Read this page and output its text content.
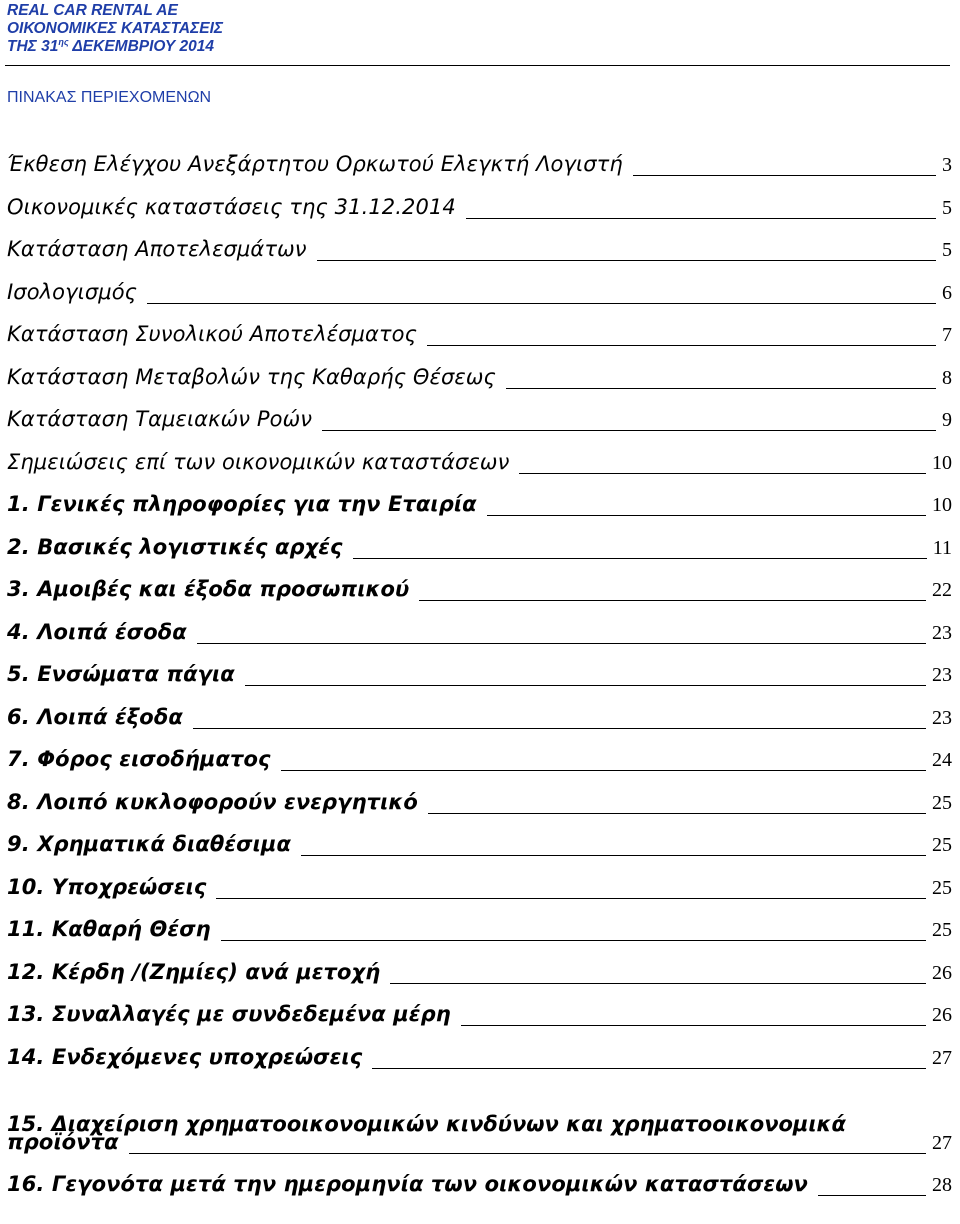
REAL CAR RENTAL AE
ΟΙΚΟΝΟΜΙΚΕΣ ΚΑΤΑΣΤΑΣΕΙΣ
ΤΗΣ $31^{\eta\varsigma}$ ΔΕΚΕΜΒΡΙΟΥ 2014
ΠΙΝΑΚΑΣ ΠΕΡΙΕΧΟΜΕΝΩΝ
Έκθεση Ελέγχου Ανεξάρτητου Ορκωτού Ελεγκτή Λογιστή	3
Οικονομικές καταστάσεις της 31.12.2014	5
Κατάσταση Αποτελεσμάτων	5
Ισολογισμός	6
Κατάσταση Συνολικού Αποτελέσματος	7
Κατάσταση Μεταβολών της Καθαρής Θέσεως	8
Κατάσταση Ταμειακών Ροών	9
Σημειώσεις επί των οικονομικών καταστάσεων	10
1. Γενικές πληροφορίες για την Εταιρία	10
2. Βασικές λογιστικές αρχές	11
3. Αμοιβές και έξοδα προσωπικού	22
4. Λοιπά έσοδα	23
5. Ενσώματα πάγια	23
6. Λοιπά έξοδα	23
7. Φόρος εισοδήματος	24
8. Λοιπό κυκλοφορούν ενεργητικό	25
9. Χρηματικά διαθέσιμα	25
10. Υποχρεώσεις	25
11. Καθαρή Θέση	25
12. Κέρδη /(Ζημίες) ανά μετοχή	26
13. Συναλλαγές με συνδεδεμένα μέρη	26
14. Ενδεχόμενες υποχρεώσεις	27
15. Διαχείριση χρηματοοικονομικών κινδύνων και χρηματοοικονομικά
προϊόντα	27
16. Γεγονότα μετά την ημερομηνία των οικονομικών καταστάσεων	28
